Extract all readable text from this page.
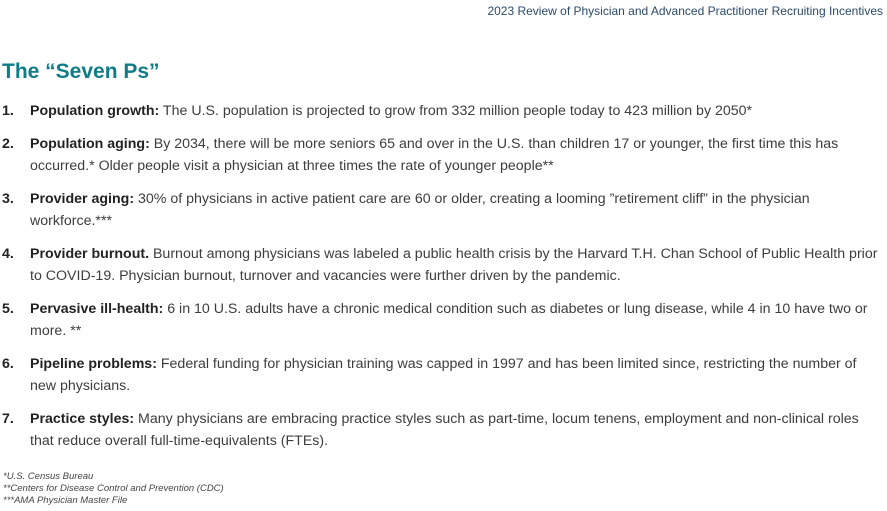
2023 Review of Physician and Advanced Practitioner Recruiting Incentives
The “Seven Ps”
1. Population growth: The U.S. population is projected to grow from 332 million people today to 423 million by 2050*
2. Population aging: By 2034, there will be more seniors 65 and over in the U.S. than children 17 or younger, the first time this has occurred.* Older people visit a physician at three times the rate of younger people**
3. Provider aging: 30% of physicians in active patient care are 60 or older, creating a looming ”retirement cliff” in the physician workforce.***
4. Provider burnout. Burnout among physicians was labeled a public health crisis by the Harvard T.H. Chan School of Public Health prior to COVID-19. Physician burnout, turnover and vacancies were further driven by the pandemic.
5. Pervasive ill-health: 6 in 10 U.S. adults have a chronic medical condition such as diabetes or lung disease, while 4 in 10 have two or more. **
6. Pipeline problems: Federal funding for physician training was capped in 1997 and has been limited since, restricting the number of new physicians.
7. Practice styles: Many physicians are embracing practice styles such as part-time, locum tenens, employment and non-clinical roles that reduce overall full-time-equivalents (FTEs).
*U.S. Census Bureau
**Centers for Disease Control and Prevention (CDC)
***AMA Physician Master File
